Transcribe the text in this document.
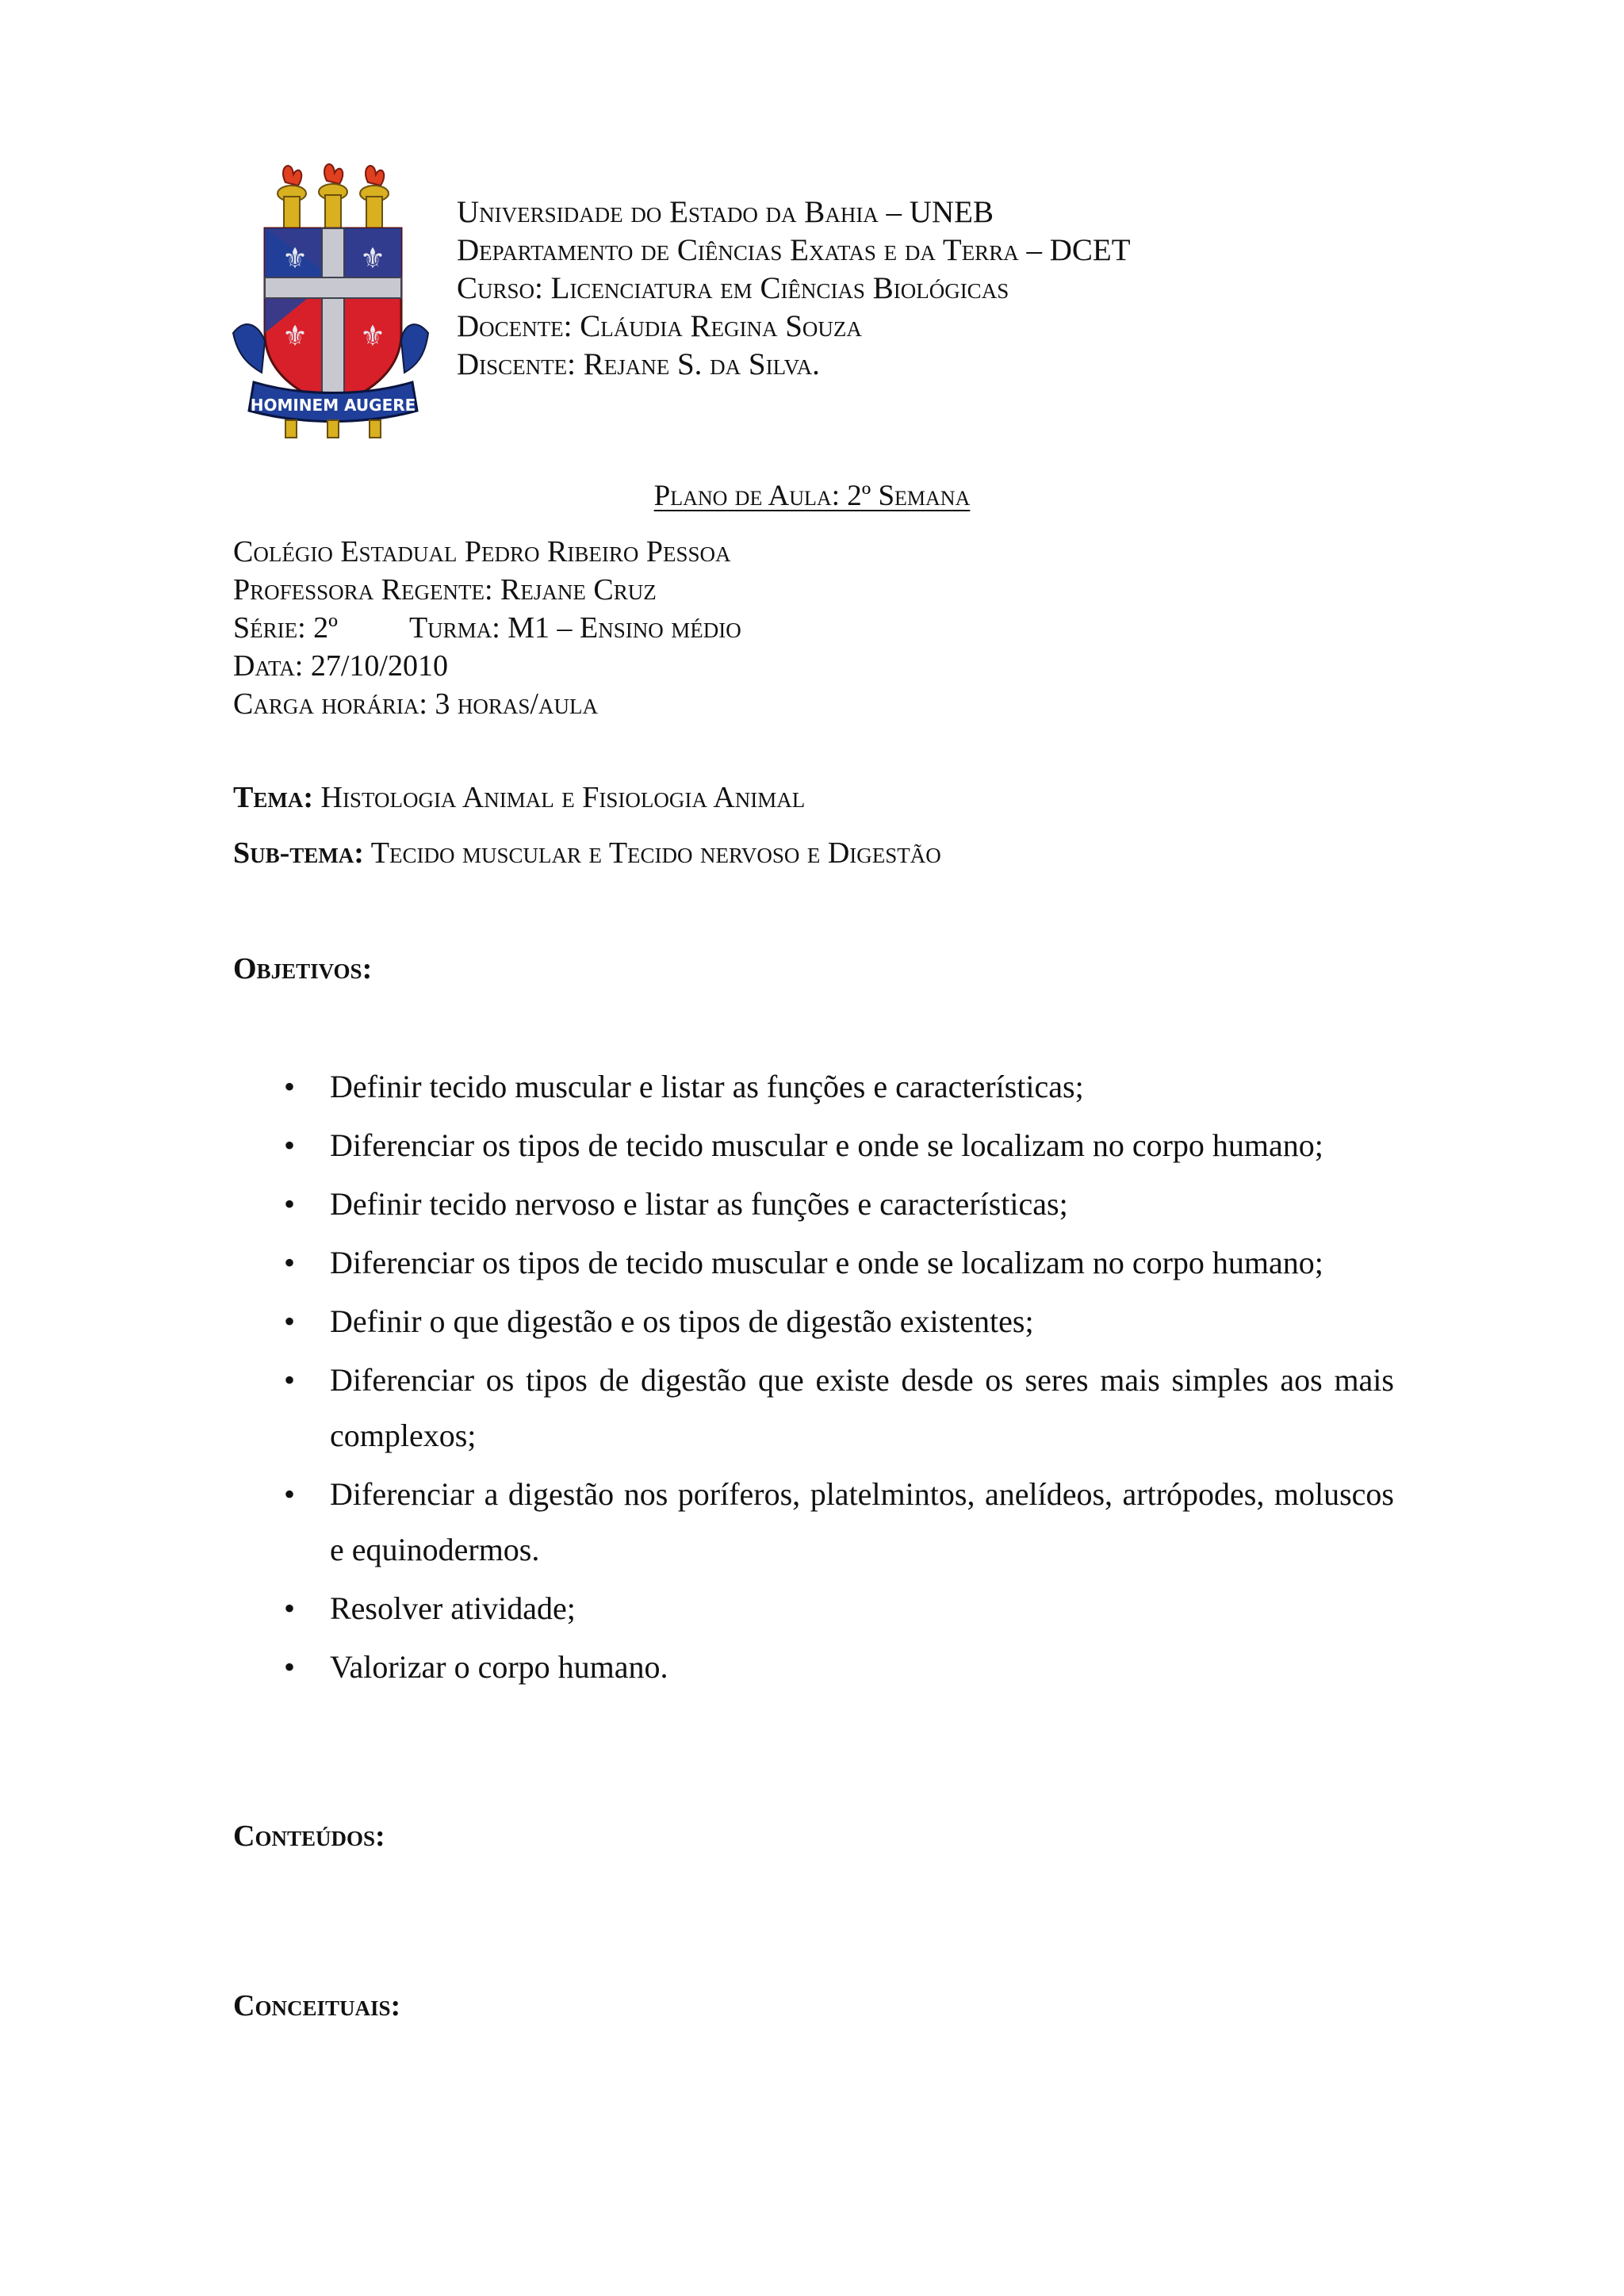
⚜ ⚜
⚜ ⚜
HOMINEM AUGERE
Universidade do Estado da Bahia – UNEB
Departamento de Ciências Exatas e da Terra – DCET
Curso: Licenciatura em Ciências Biológicas
Docente: Cláudia Regina Souza
Discente: Rejane S. da Silva.
Plano de Aula: 2º Semana
Colégio Estadual Pedro Ribeiro Pessoa
Professora Regente: Rejane Cruz
Série: 2º Turma: M1 – Ensino médio
Data: 27/10/2010
Carga horária: 3 horas/aula
Tema: Histologia Animal e Fisiologia Animal
Sub-tema: Tecido muscular e Tecido nervoso e Digestão
Objetivos:
• Definir tecido muscular e listar as funções e características;
• Diferenciar os tipos de tecido muscular e onde se localizam no corpo humano;
• Definir tecido nervoso e listar as funções e características;
• Diferenciar os tipos de tecido muscular e onde se localizam no corpo humano;
• Definir o que digestão e os tipos de digestão existentes;
• Diferenciar os tipos de digestão que existe desde os seres mais simples aos mais complexos;
• Diferenciar a digestão nos poríferos, platelmintos, anelídeos, artrópodes, moluscos e equinodermos.
• Resolver atividade;
• Valorizar o corpo humano.
Conteúdos:
Conceituais:
